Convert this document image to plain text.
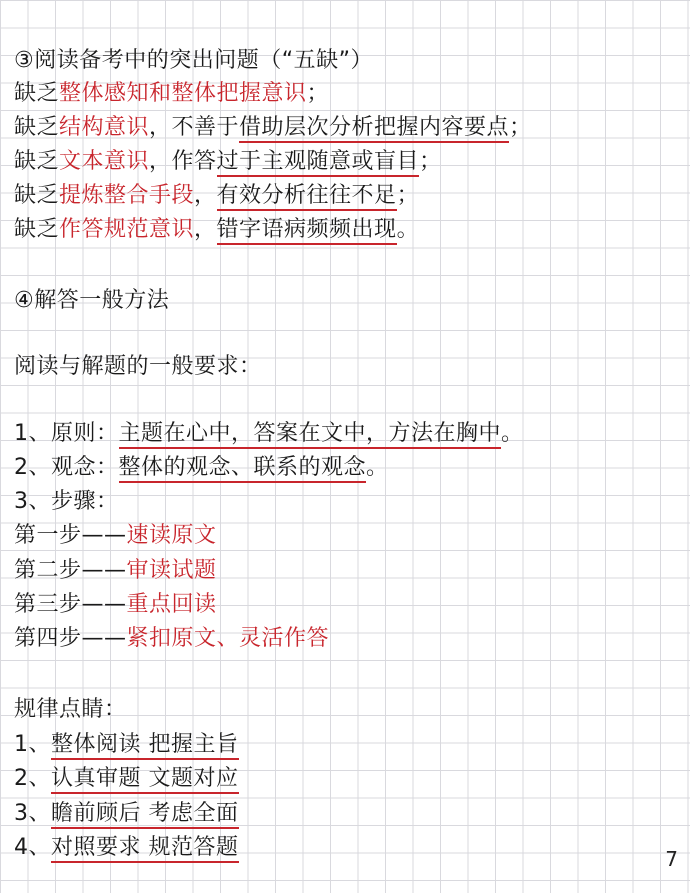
③阅读备考中的突出问题（“五缺”）
缺乏整体感知和整体把握意识；
缺乏结构意识，不善于借助层次分析把握内容要点；
缺乏文本意识，作答过于主观随意或盲目；
缺乏提炼整合手段，有效分析往往不足；
缺乏作答规范意识，错字语病频频出现。
④解答一般方法
阅读与解题的一般要求：
1、原则：主题在心中，答案在文中，方法在胸中。
2、观念：整体的观念、联系的观念。
3、步骤：
第一步——速读原文
第二步——审读试题
第三步——重点回读
第四步——紧扣原文、灵活作答
规律点睛：
1、整体阅读 把握主旨
2、认真审题 文题对应
3、瞻前顾后 考虑全面
4、对照要求 规范答题	7
